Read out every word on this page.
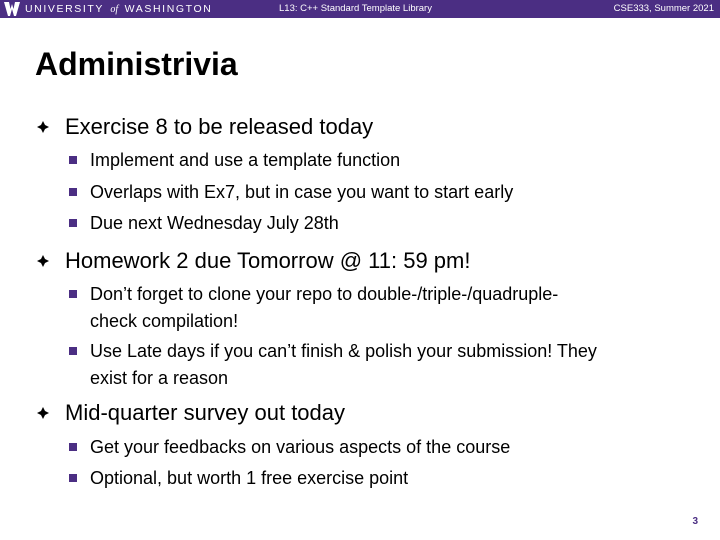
UNIVERSITY of WASHINGTON	L13: C++ Standard Template Library	CSE333, Summer 2021
Administrivia
Exercise 8 to be released today
Implement and use a template function
Overlaps with Ex7, but in case you want to start early
Due next Wednesday July 28th
Homework 2 due Tomorrow @ 11: 59 pm!
Don’t forget to clone your repo to double-/triple-/quadruple-
check compilation!
Use Late days if you can’t finish & polish your submission! They
exist for a reason
Mid-quarter survey out today
Get your feedbacks on various aspects of the course
Optional, but worth 1 free exercise point
3
